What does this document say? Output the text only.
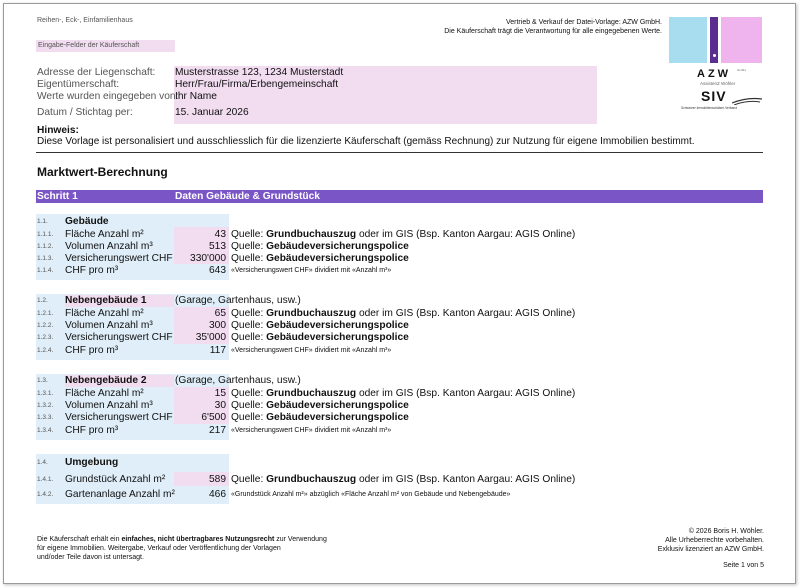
Reihen-, Eck-, Einfamilienhaus
Eingabe-Felder der Käuferschaft
Vertrieb & Verkauf der Datei-Vorlage: AZW GmbH.
Die Käuferschaft trägt die Verantwortung für alle eingegebenen Werte.
AZW GmbH
AssistenZ Wöhler
SIV
Schweizer Immobilienschätzer-Verband
Adresse der Liegenschaft: Musterstrasse 123, 1234 Musterstadt
Eigentümerschaft:	Herr/Frau/Firma/Erbengemeinschaft
Werte wurden eingegeben von:
Ihr Name
Datum / Stichtag per:	15. Januar 2026
Hinweis:
Diese Vorlage ist personalisiert und ausschliesslich für die lizenzierte Käuferschaft (gemäss Rechnung) zur Nutzung für eigene Immobilien bestimmt.
Marktwert-Berechnung
Schritt 1	Daten Gebäude & Grundstück
1.1. Gebäude
1.1.1. Fläche Anzahl m²	43 Quelle: Grundbuchauszug oder im GIS (Bsp. Kanton Aargau: AGIS Online)
1.1.2. Volumen Anzahl m³	513 Quelle: Gebäudeversicherungspolice
1.1.3. Versicherungswert CHF	330'000 Quelle: Gebäudeversicherungspolice
1.1.4. CHF pro m³	643 «Versicherungswert CHF» dividiert mit «Anzahl m³»
1.2. Nebengebäude 1	(Garage, Gartenhaus, usw.)
1.2.1. Fläche Anzahl m²	65 Quelle: Grundbuchauszug oder im GIS (Bsp. Kanton Aargau: AGIS Online)
1.2.2. Volumen Anzahl m³	300 Quelle: Gebäudeversicherungspolice
1.2.3. Versicherungswert CHF	35'000 Quelle: Gebäudeversicherungspolice
1.2.4. CHF pro m³	117 «Versicherungswert CHF» dividiert mit «Anzahl m³»
1.3. Nebengebäude 2	(Garage, Gartenhaus, usw.)
1.3.1. Fläche Anzahl m²	15 Quelle: Grundbuchauszug oder im GIS (Bsp. Kanton Aargau: AGIS Online)
1.3.2. Volumen Anzahl m³	30 Quelle: Gebäudeversicherungspolice
1.3.3. Versicherungswert CHF	6'500 Quelle: Gebäudeversicherungspolice
1.3.4. CHF pro m³	217 «Versicherungswert CHF» dividiert mit «Anzahl m³»
1.4. Umgebung
1.4.1. Grundstück Anzahl m²	589 Quelle: Grundbuchauszug oder im GIS (Bsp. Kanton Aargau: AGIS Online)
1.4.2. Gartenanlage Anzahl m²	466 «Grundstück Anzahl m²» abzüglich «Fläche Anzahl m² von Gebäude und Nebengebäude»
Die Käuferschaft erhält ein einfaches, nicht übertragbares Nutzungsrecht zur Verwendung
für eigene Immobilien. Weitergabe, Verkauf oder Veröffentlichung der Vorlagen
und/oder Teile davon ist untersagt.
© 2026 Boris H. Wöhler.
Alle Urheberrechte vorbehalten.
Exklusiv lizenziert an AZW GmbH.
Seite 1 von 5
